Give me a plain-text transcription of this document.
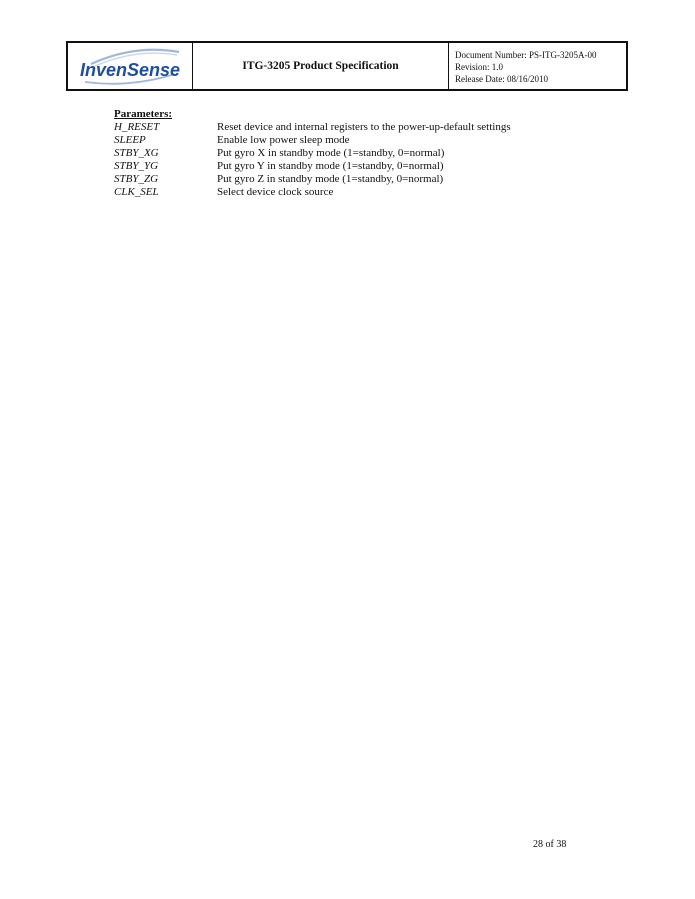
InvenSense	ITG-3205 Product Specification
Document Number: PS-ITG-3205A-00
Revision: 1.0
Release Date: 08/16/2010
Parameters:
H_RESET	Reset device and internal registers to the power-up-default settings
SLEEP	Enable low power sleep mode
STBY_XG	Put gyro X in standby mode (1=standby, 0=normal)
STBY_YG	Put gyro Y in standby mode (1=standby, 0=normal)
STBY_ZG	Put gyro Z in standby mode (1=standby, 0=normal)
CLK_SEL	Select device clock source
28 of 38
